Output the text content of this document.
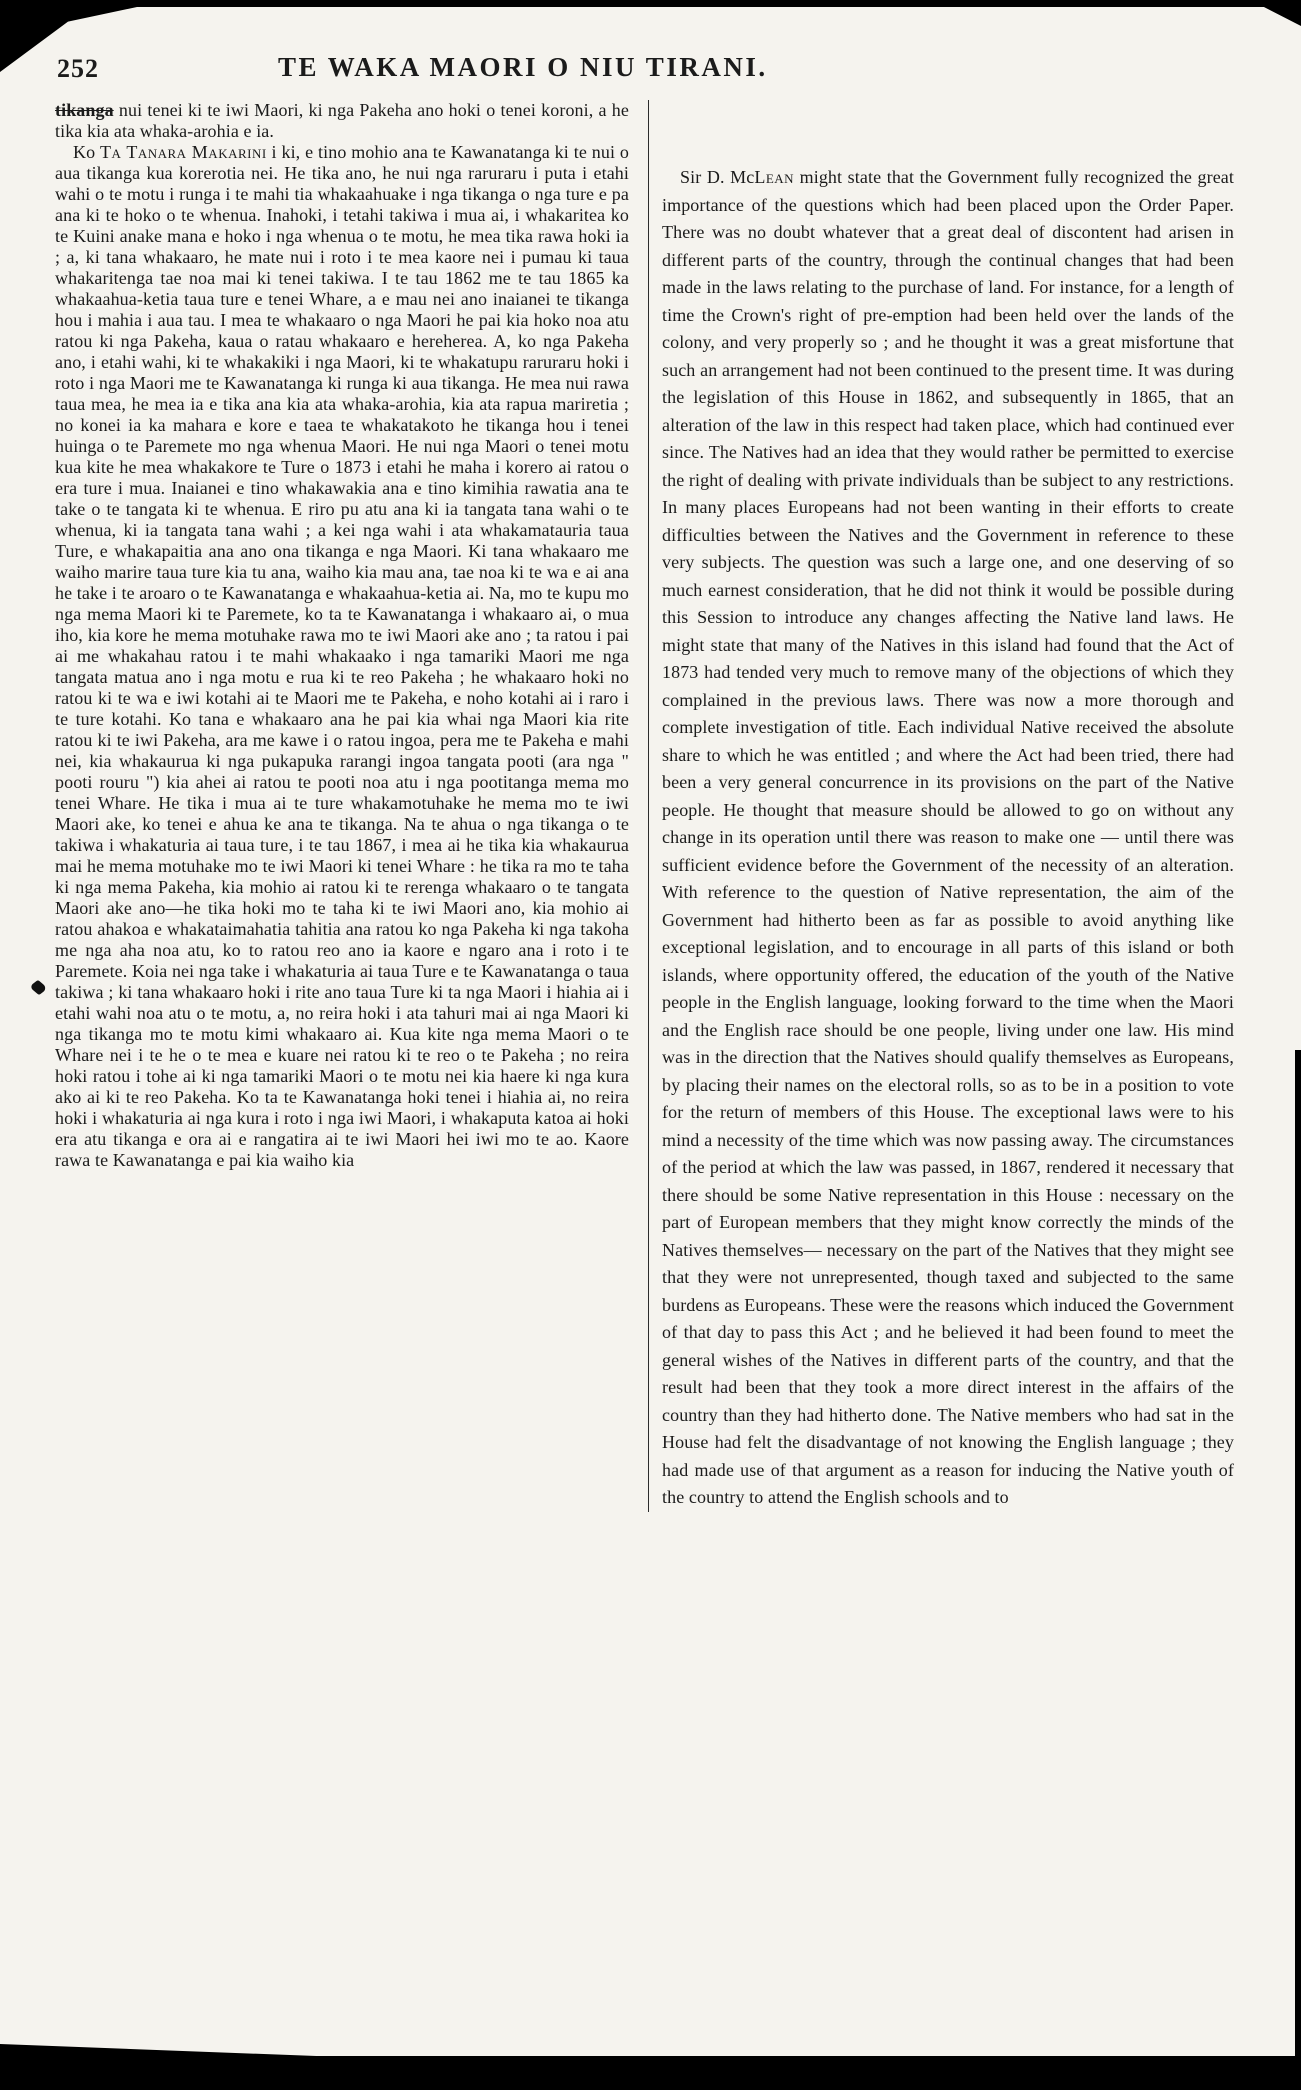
252	TE WAKA MAORI O NIU TIRANI.

tikanga nui tenei ki te iwi Maori, ki nga Pakeha ano hoki o tenei koroni, a he tika kia ata whaka-arohia e ia.

Ko Ta Tanara Makarini i ki, e tino mohio ana te Kawanatanga ki te nui o aua tikanga kua korerotia nei. He tika ano, he nui nga raruraru i puta i etahi wahi o te motu i runga i te mahi tia whakaahuake i nga tikanga o nga ture e pa ana ki te hoko o te whenua. Inahoki, i tetahi takiwa i mua ai, i whakaritea ko te Kuini anake mana e hoko i nga whenua o te motu, he mea tika rawa hoki ia ; a, ki tana whakaaro, he mate nui i roto i te mea kaore nei i pumau ki taua whakaritenga tae noa mai ki tenei takiwa. I te tau 1862 me te tau 1865 ka whakaahua-ketia taua ture e tenei Whare, a e mau nei ano inaianei te tikanga hou i mahia i aua tau. I mea te whakaaro o nga Maori he pai kia hoko noa atu ratou ki nga Pakeha, kaua o ratau whakaaro e hereherea. A, ko nga Pakeha ano, i etahi wahi, ki te whakakiki i nga Maori, ki te whakatupu raruraru hoki i roto i nga Maori me te Kawanatanga ki runga ki aua tikanga. He mea nui rawa taua mea, he mea ia e tika ana kia ata whaka-arohia, kia ata rapua mariretia ; no konei ia ka mahara e kore e taea te whakatakoto he tikanga hou i tenei huinga o te Paremete mo nga whenua Maori. He nui nga Maori o tenei motu kua kite he mea whakakore te Ture o 1873 i etahi he maha i korero ai ratou o era ture i mua. Inaianei e tino whakawakia ana e tino kimihia rawatia ana te take o te tangata ki te whenua. E riro pu atu ana ki ia tangata tana wahi o te whenua, ki ia tangata tana wahi ; a kei nga wahi i ata whakamatauria taua Ture, e whakapaitia ana ano ona tikanga e nga Maori. Ki tana whakaaro me waiho marire taua ture kia tu ana, waiho kia mau ana, tae noa ki te wa e ai ana he take i te aroaro o te Kawanatanga e whakaahua-ketia ai. Na, mo te kupu mo nga mema Maori ki te Paremete, ko ta te Kawanatanga i whakaaro ai, o mua iho, kia kore he mema motuhake rawa mo te iwi Maori ake ano ; ta ratou i pai ai me whakahau ratou i te mahi whakaako i nga tamariki Maori me nga tangata matua ano i nga motu e rua ki te reo Pakeha ; he whakaaro hoki no ratou ki te wa e iwi kotahi ai te Maori me te Pakeha, e noho kotahi ai i raro i te ture kotahi. Ko tana e whakaaro ana he pai kia whai nga Maori kia rite ratou ki te iwi Pakeha, ara me kawe i o ratou ingoa, pera me te Pakeha e mahi nei, kia whakaurua ki nga pukapuka rarangi ingoa tangata pooti (ara nga " pooti rouru ") kia ahei ai ratou te pooti noa atu i nga pootitanga mema mo tenei Whare. He tika i mua ai te ture whakamotuhake he mema mo te iwi Maori ake, ko tenei e ahua ke ana te tikanga. Na te ahua o nga tikanga o te takiwa i whakaturia ai taua ture, i te tau 1867, i mea ai he tika kia whakaurua mai he mema motuhake mo te iwi Maori ki tenei Whare : he tika ra mo te taha ki nga mema Pakeha, kia mohio ai ratou ki te rerenga whakaaro o te tangata Maori ake ano—he tika hoki mo te taha ki te iwi Maori ano, kia mohio ai ratou ahakoa e whakataimahatia tahitia ana ratou ko nga Pakeha ki nga takoha me nga aha noa atu, ko to ratou reo ano ia kaore e ngaro ana i roto i te Paremete. Koia nei nga take i whakaturia ai taua Ture e te Kawanatanga o taua takiwa ; ki tana whakaaro hoki i rite ano taua Ture ki ta nga Maori i hiahia ai i etahi wahi noa atu o te motu, a, no reira hoki i ata tahuri mai ai nga Maori ki nga tikanga mo te motu kimi whakaaro ai. Kua kite nga mema Maori o te Whare nei i te he o te mea e kuare nei ratou ki te reo o te Pakeha ; no reira hoki ratou i tohe ai ki nga tamariki Maori o te motu nei kia haere ki nga kura ako ai ki te reo Pakeha. Ko ta te Kawanatanga hoki tenei i hiahia ai, no reira hoki i whakaturia ai nga kura i roto i nga iwi Maori, i whakaputa katoa ai hoki era atu tikanga e ora ai e rangatira ai te iwi Maori hei iwi mo te ao. Kaore rawa te Kawanatanga e pai kia waiho kia

Sir D. McLean might state that the Government fully recognized the great importance of the questions which had been placed upon the Order Paper. There was no doubt whatever that a great deal of discontent had arisen in different parts of the country, through the continual changes that had been made in the laws relating to the purchase of land. For instance, for a length of time the Crown's right of pre-emption had been held over the lands of the colony, and very properly so ; and he thought it was a great misfortune that such an arrangement had not been continued to the present time. It was during the legislation of this House in 1862, and subsequently in 1865, that an alteration of the law in this respect had taken place, which had continued ever since. The Natives had an idea that they would rather be permitted to exercise the right of dealing with private individuals than be subject to any restrictions. In many places Europeans had not been wanting in their efforts to create difficulties between the Natives and the Government in reference to these very subjects. The question was such a large one, and one deserving of so much earnest consideration, that he did not think it would be possible during this Session to introduce any changes affecting the Native land laws. He might state that many of the Natives in this island had found that the Act of 1873 had tended very much to remove many of the objections of which they complained in the previous laws. There was now a more thorough and complete investigation of title. Each individual Native received the absolute share to which he was entitled ; and where the Act had been tried, there had been a very general concurrence in its provisions on the part of the Native people. He thought that measure should be allowed to go on without any change in its operation until there was reason to make one — until there was sufficient evidence before the Government of the necessity of an alteration. With reference to the question of Native representation, the aim of the Government had hitherto been as far as possible to avoid anything like exceptional legislation, and to encourage in all parts of this island or both islands, where opportunity offered, the education of the youth of the Native people in the English language, looking forward to the time when the Maori and the English race should be one people, living under one law. His mind was in the direction that the Natives should qualify themselves as Europeans, by placing their names on the electoral rolls, so as to be in a position to vote for the return of members of this House. The exceptional laws were to his mind a necessity of the time which was now passing away. The circumstances of the period at which the law was passed, in 1867, rendered it necessary that there should be some Native representation in this House : necessary on the part of European members that they might know correctly the minds of the Natives themselves— necessary on the part of the Natives that they might see that they were not unrepresented, though taxed and subjected to the same burdens as Europeans. These were the reasons which induced the Government of that day to pass this Act ; and he believed it had been found to meet the general wishes of the Natives in different parts of the country, and that the result had been that they took a more direct interest in the affairs of the country than they had hitherto done. The Native members who had sat in the House had felt the disadvantage of not knowing the English language ; they had made use of that argument as a reason for inducing the Native youth of the country to attend the English schools and to
